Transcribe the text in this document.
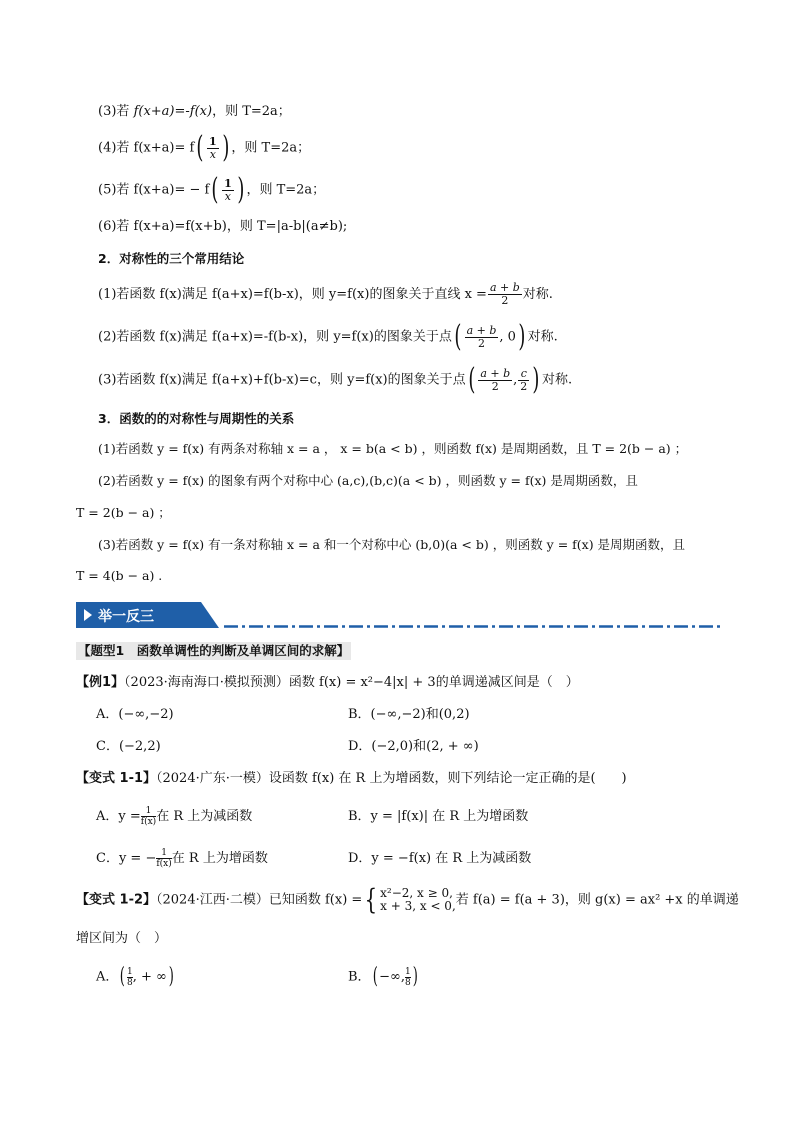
(3)若 f(x+a)=-f(x)，则 T=2a；
(4)若 $f(x+a)= f( \frac{1}{x}$ ) ，则 T=2a；
(5)若 $f(x+a)= - f( \frac{1}{x}$ ) ，则 T=2a；
(6)若 f(x+a)=f(x+b)，则 T=|a-b|(a≠b);
2．对称性的三个常用结论
(1)若函数 f(x)满足 f(a+x)=f(b-x)，则 y=f(x)的图象关于直线 $x = \frac{a + b}{2}$ 对称.
(2)若函数 f(x)满足 f(a+x)=-f(b-x)，则 y=f(x)的图象关于点( $\frac{a + b}{2}$ , 0) 对称.
(3)若函数 f(x)满足 f(a+x)+f(b-x)=c，则 y=f(x)的图象关于点( $\frac{a + b}{2}$ , $\frac{c}{2}$ ) 对称.
3．函数的的对称性与周期性的关系
(1)若函数 y = f(x) 有两条对称轴 x = a ， x = b(a < b) ，则函数 f(x) 是周期函数，且 T = 2(b − a) ；
(2)若函数 y = f(x) 的图象有两个对称中心 (a,c),(b,c)(a < b) ，则函数 y = f(x) 是周期函数，且
T = 2(b − a) ；
(3)若函数 y = f(x) 有一条对称轴 x = a 和一个对称中心 (b,0)(a < b) ，则函数 y = f(x) 是周期函数，且
T = 4(b − a) .
举一反三
【题型1　函数单调性的判断及单调区间的求解】
【例1】（2023·海南海口·模拟预测）函数 f(x) = x²−4|x| + 3的单调递减区间是（　）
A．(−∞,−2)	B．(−∞,−2)和(0,2)
C．(−2,2)	D．(−2,0)和(2, + ∞)
【变式 1-1】（2024·广东·一模）设函数 f(x) 在 R 上为增函数，则下列结论一定正确的是(　　)
A．$y = \frac{1}{f(x)}$ 在 R 上为减函数	B．y = |f(x)| 在 R 上为增函数
C．y = − $\frac{1}{f(x)}$ 在 R 上为增函数	D．y = −f(x) 在 R 上为减函数
【变式 1-2】（2024·江西·二模）已知函数 f(x) ={ x²−2, x ≥ 0,
x + 3, x < 0, 若 f(a) = f(a + 3)，则 g(x) = ax² +x 的单调递
增区间为（　）
A．( $\frac{1}{8}$ , + ∞)	B．( −∞, $\frac{1}{8}$ )
